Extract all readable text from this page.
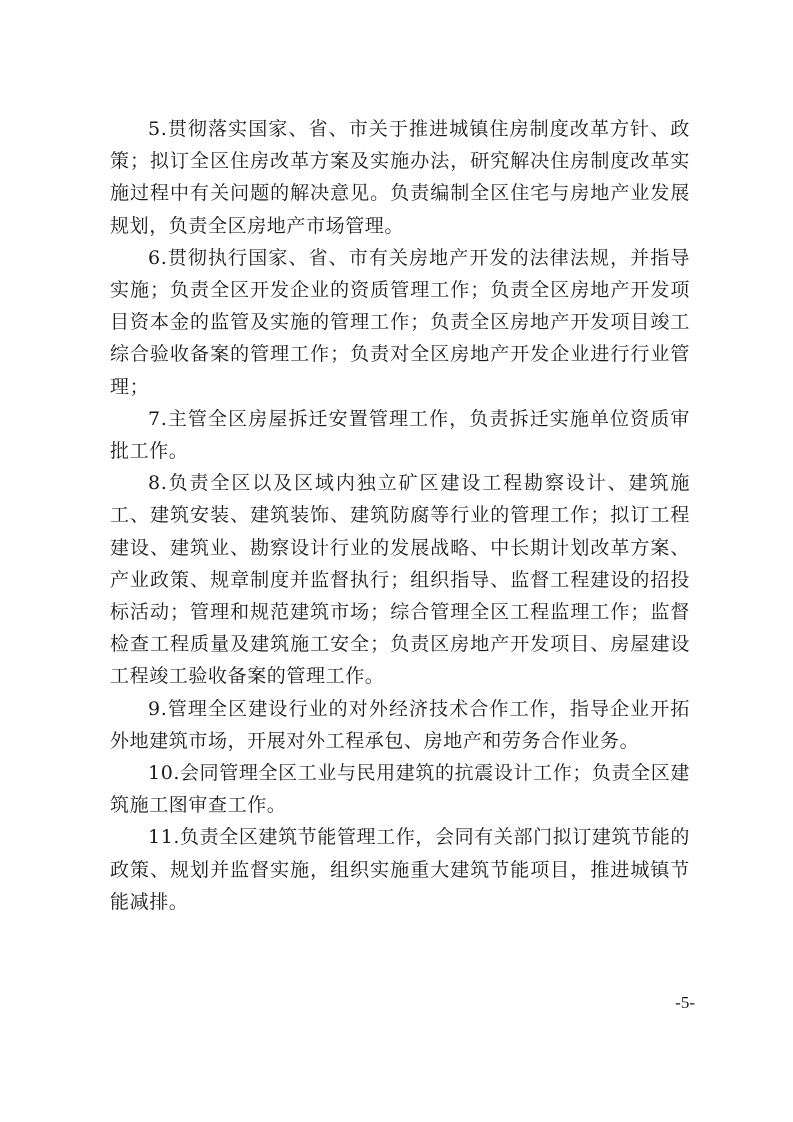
5.贯彻落实国家、省、市关于推进城镇住房制度改革方针、政策；拟订全区住房改革方案及实施办法，研究解决住房制度改革实施过程中有关问题的解决意见。负责编制全区住宅与房地产业发展规划，负责全区房地产市场管理。

6.贯彻执行国家、省、市有关房地产开发的法律法规，并指导实施；负责全区开发企业的资质管理工作；负责全区房地产开发项目资本金的监管及实施的管理工作；负责全区房地产开发项目竣工综合验收备案的管理工作；负责对全区房地产开发企业进行行业管理；

7.主管全区房屋拆迁安置管理工作，负责拆迁实施单位资质审批工作。

8.负责全区以及区域内独立矿区建设工程勘察设计、建筑施工、建筑安装、建筑装饰、建筑防腐等行业的管理工作；拟订工程建设、建筑业、勘察设计行业的发展战略、中长期计划改革方案、产业政策、规章制度并监督执行；组织指导、监督工程建设的招投标活动；管理和规范建筑市场；综合管理全区工程监理工作；监督检查工程质量及建筑施工安全；负责区房地产开发项目、房屋建设工程竣工验收备案的管理工作。

9.管理全区建设行业的对外经济技术合作工作，指导企业开拓外地建筑市场，开展对外工程承包、房地产和劳务合作业务。

10.会同管理全区工业与民用建筑的抗震设计工作；负责全区建筑施工图审查工作。

11.负责全区建筑节能管理工作，会同有关部门拟订建筑节能的政策、规划并监督实施，组织实施重大建筑节能项目，推进城镇节能减排。

-5-
